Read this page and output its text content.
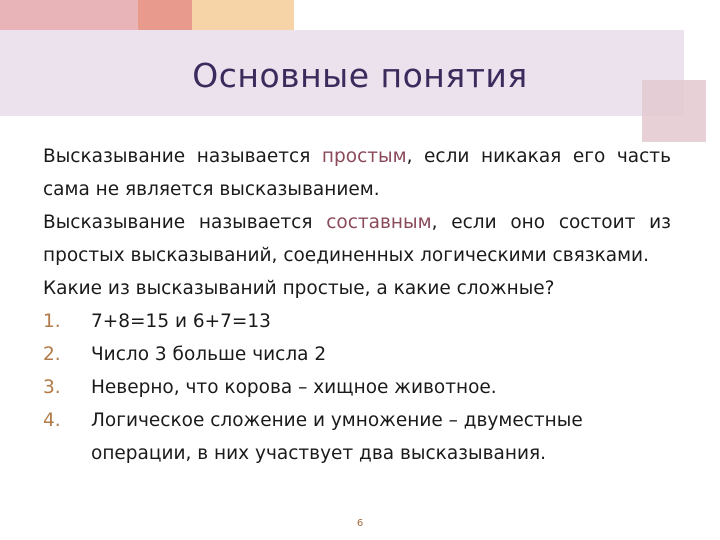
Основные понятия

Высказывание называется простым, если никакая его часть сама не является высказыванием.

Высказывание называется составным, если оно состоит из простых высказываний, соединенных логическими связками.

Какие из высказываний простые, а какие сложные?

1.	7+8=15 и 6+7=13
2.	Число 3 больше числа 2
3.	Неверно, что корова – хищное животное.
4.	Логическое сложение и умножение – двуместные операции, в них участвует два высказывания.
6
